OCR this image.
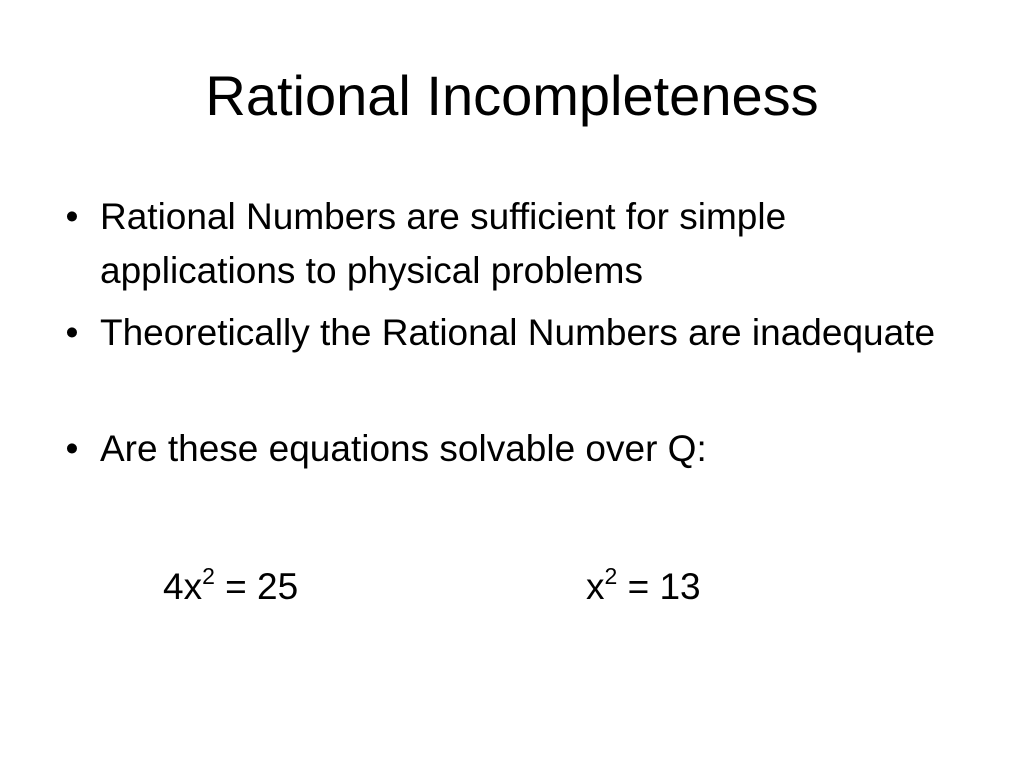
Rational Incompleteness
• Rational Numbers are sufficient for simple applications to physical problems
• Theoretically the Rational Numbers are inadequate
• Are these equations solvable over Q:
$4x^2 = 25$	$x^2 = 13$
